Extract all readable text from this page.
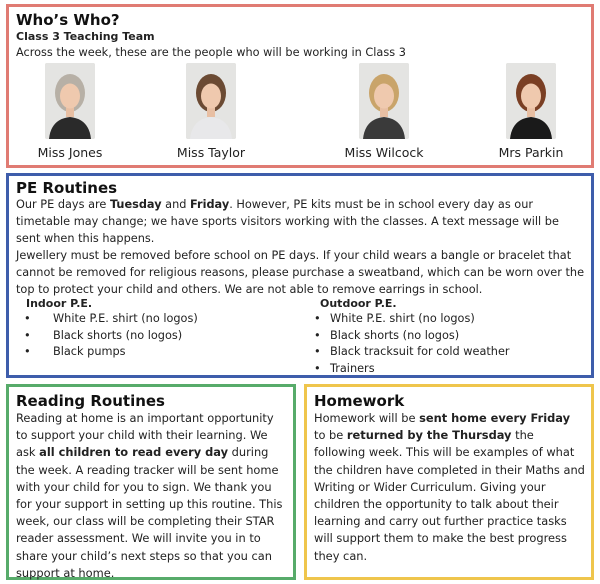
Who’s Who?
Class 3 Teaching Team

Across the week, these are the people who will be working in Class 3

Miss Jones	Miss Taylor	Miss Wilcock	Mrs Parkin
PE Routines

Our PE days are Tuesday and Friday. However, PE kits must be in school every day as our timetable may change; we have sports visitors working with the classes. A text message will be sent when this happens.

Jewellery must be removed before school on PE days. If your child wears a bangle or bracelet that cannot be removed for religious reasons, please purchase a sweatband, which can be worn over the top to protect your child and others. We are not able to remove earrings in school.

Indoor P.E.
• White P.E. shirt (no logos)
• Black shorts (no logos)
• Black pumps
Outdoor P.E.
• White P.E. shirt (no logos)
• Black shorts (no logos)
• Black tracksuit for cold weather
• Trainers
Reading Routines

Reading at home is an important opportunity to support your child with their learning. We ask all children to read every day during the week. A reading tracker will be sent home with your child for you to sign. We thank you for your support in setting up this routine. This week, our class will be completing their STAR reader assessment. We will invite you in to share your child’s next steps so that you can support at home.

Homework

Homework will be sent home every Friday to be returned by the Thursday the following week. This will be examples of what the children have completed in their Maths and Writing or Wider Curriculum. Giving your children the opportunity to talk about their learning and carry out further practice tasks will support them to make the best progress they can.
